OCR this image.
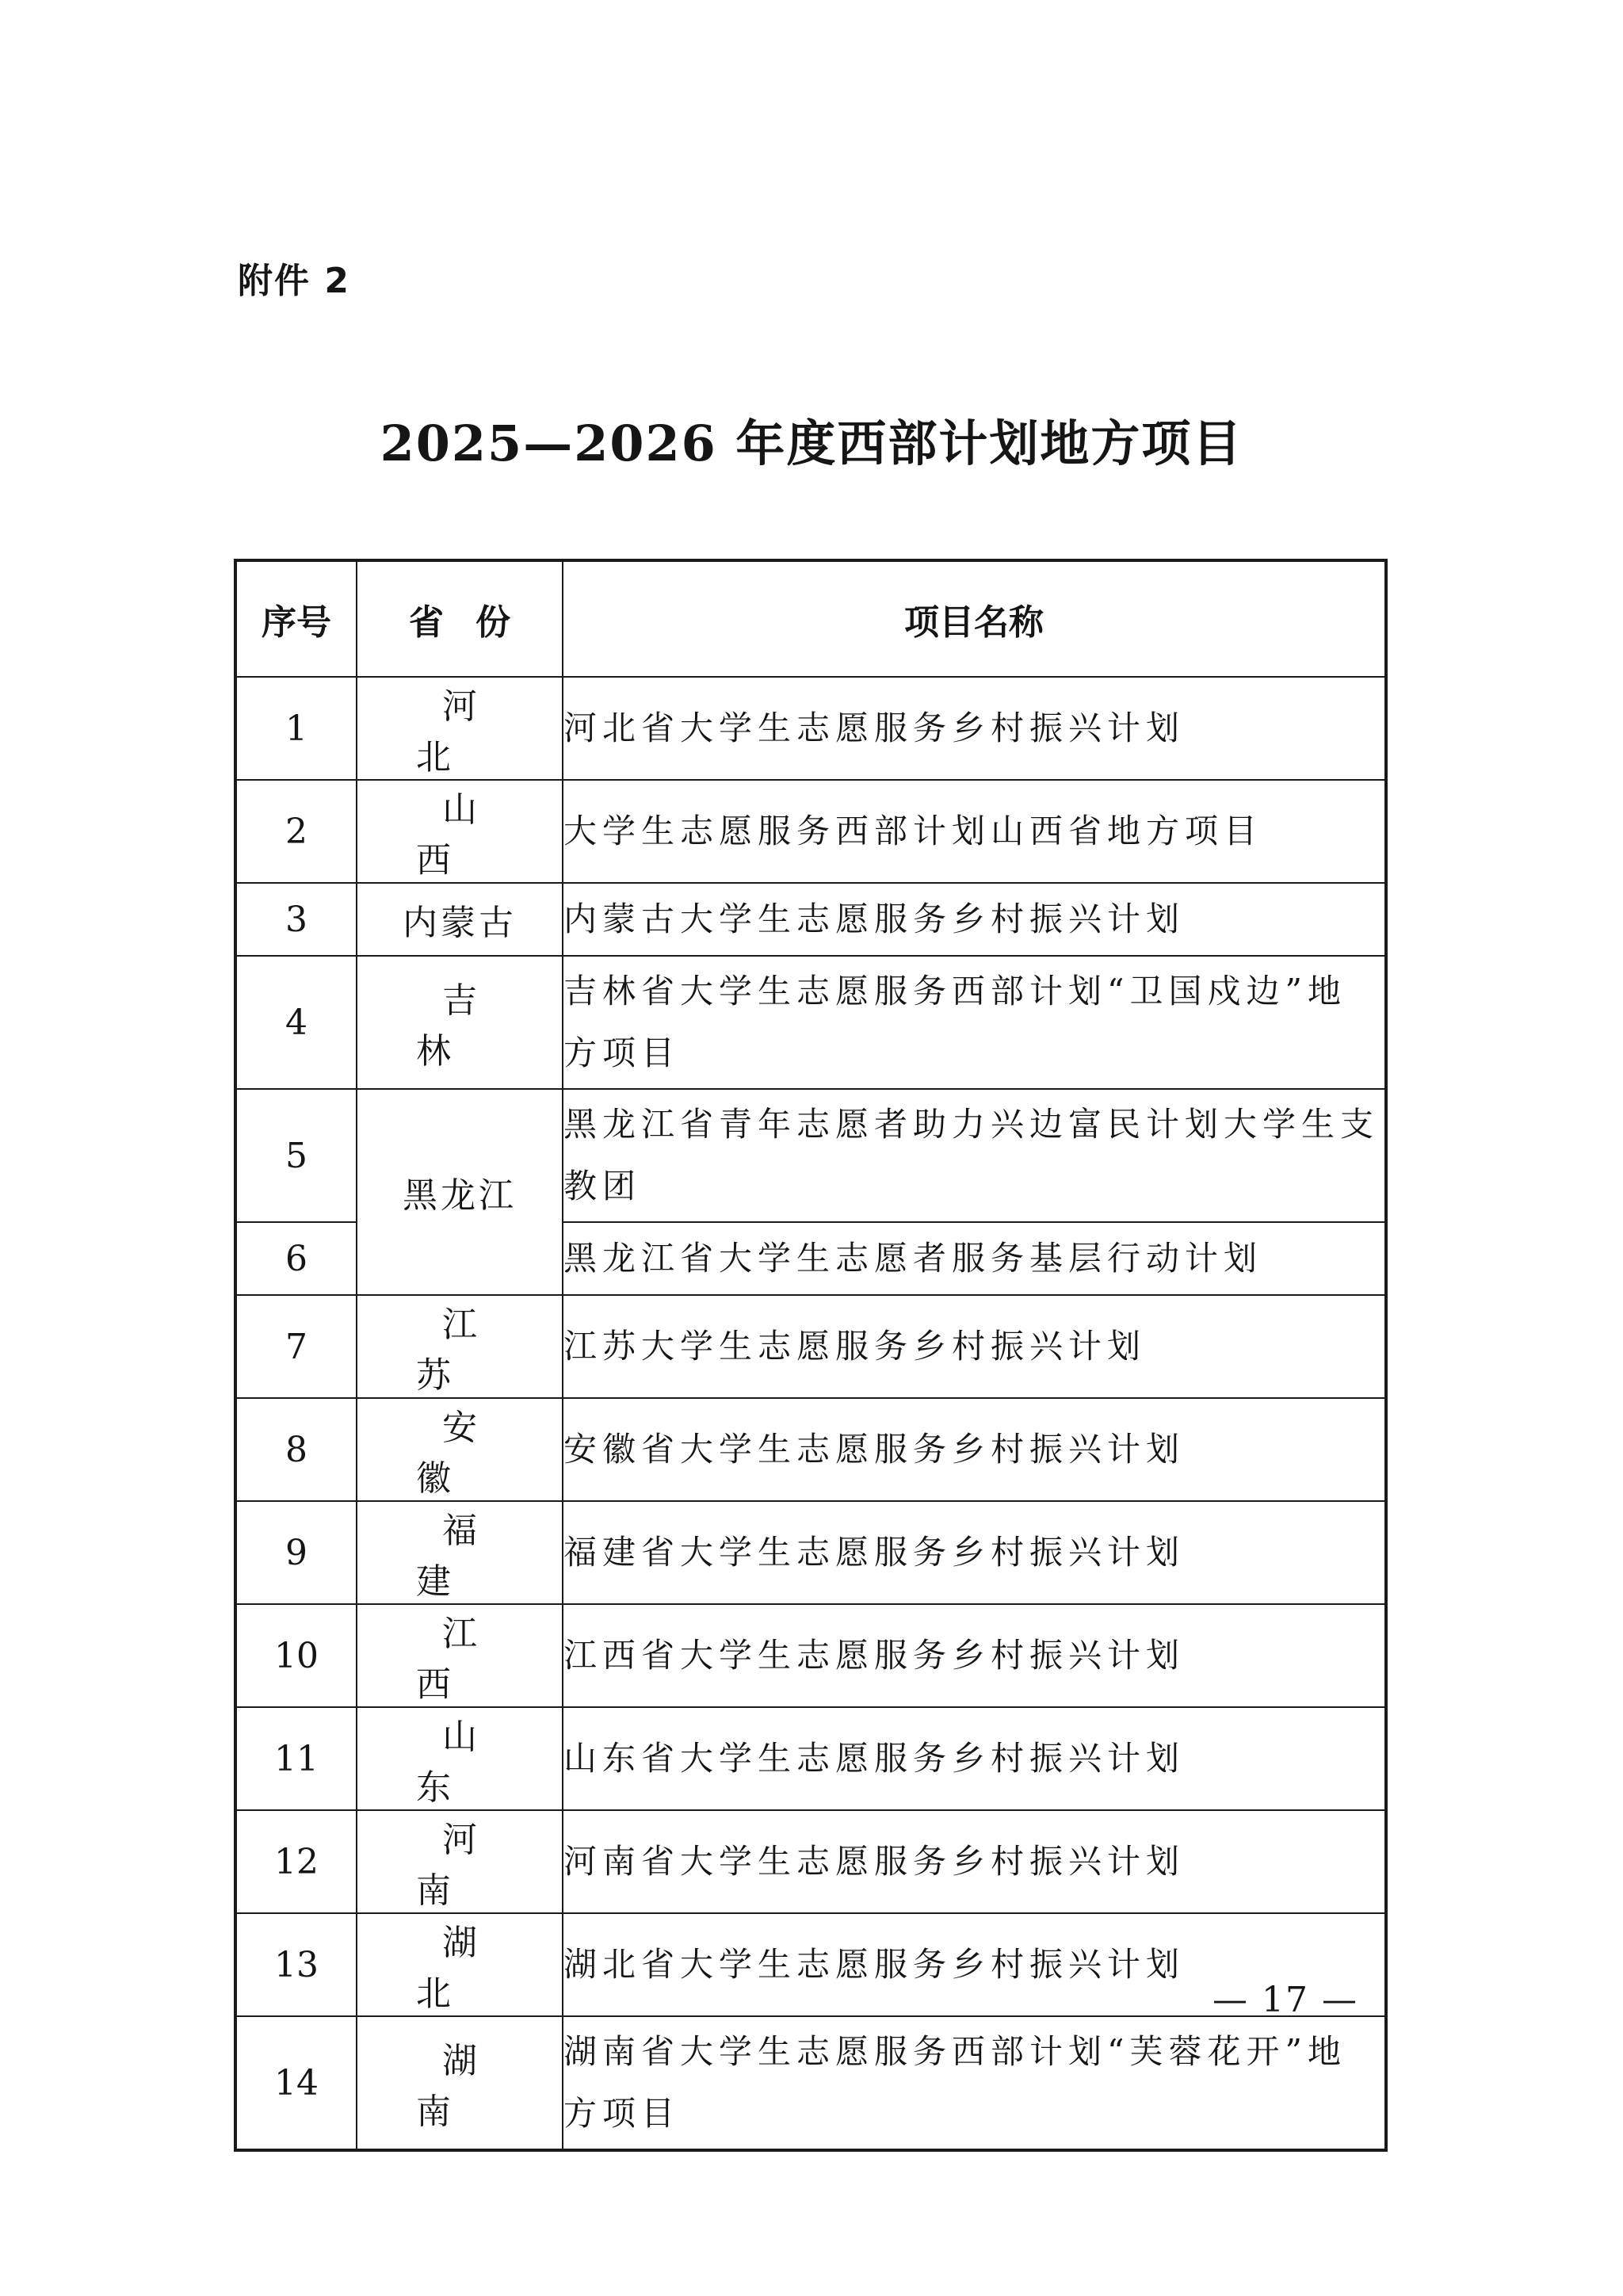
附件 2
2025—2026 年度西部计划地方项目
序号	省份	项目名称
1	河北	河北省大学生志愿服务乡村振兴计划
2	山西	大学生志愿服务西部计划山西省地方项目
3	内蒙古	内蒙古大学生志愿服务乡村振兴计划
4	吉林	吉林省大学生志愿服务西部计划“卫国戍边”地方项目
5	黑龙江	黑龙江省青年志愿者助力兴边富民计划大学生支教团
6		黑龙江省大学生志愿者服务基层行动计划
7	江苏	江苏大学生志愿服务乡村振兴计划
8	安徽	安徽省大学生志愿服务乡村振兴计划
9	福建	福建省大学生志愿服务乡村振兴计划
10	江西	江西省大学生志愿服务乡村振兴计划
11	山东	山东省大学生志愿服务乡村振兴计划
12	河南	河南省大学生志愿服务乡村振兴计划
13	湖北	湖北省大学生志愿服务乡村振兴计划
14	湖南	湖南省大学生志愿服务西部计划“芙蓉花开”地方项目
— 17 —
